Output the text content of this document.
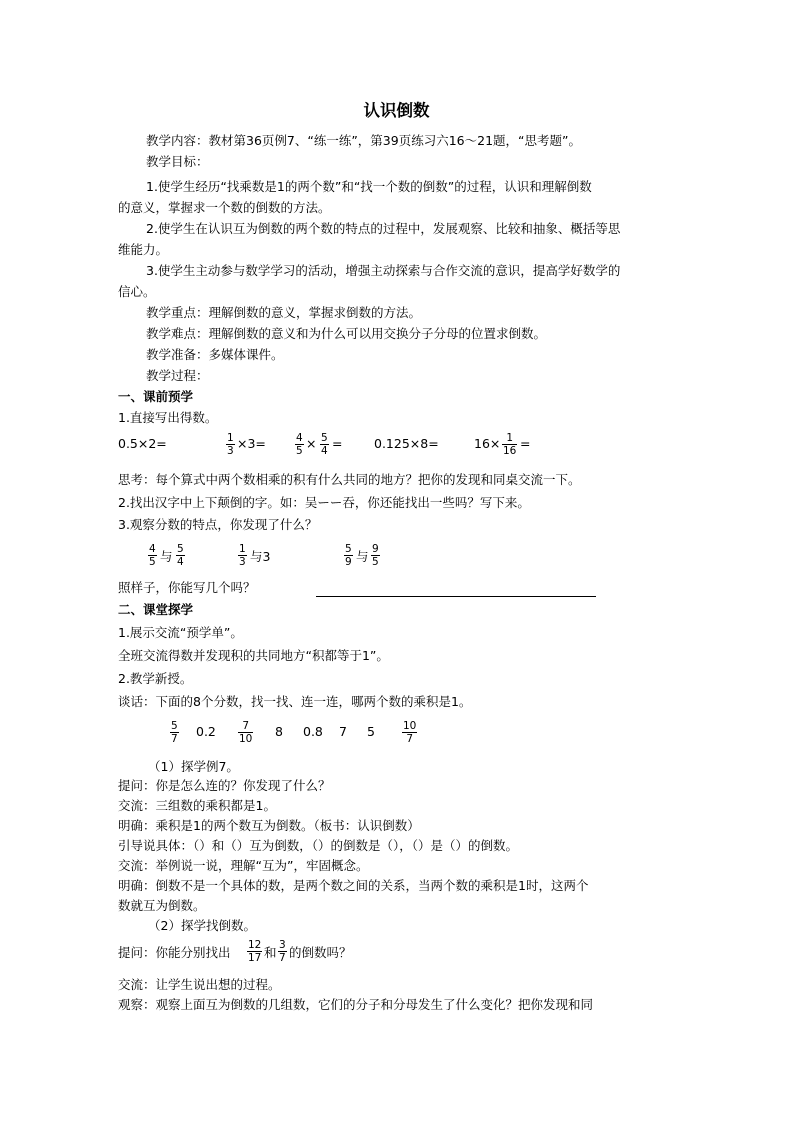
认识倒数
教学内容：教材第36页例7、“练一练”，第39页练习六16～21题，“思考题”。
教学目标：
1.使学生经历“找乘数是1的两个数”和“找一个数的倒数”的过程，认识和理解倒数
的意义，掌握求一个数的倒数的方法。
2.使学生在认识互为倒数的两个数的特点的过程中，发展观察、比较和抽象、概括等思
维能力。
3.使学生主动参与数学学习的活动，增强主动探索与合作交流的意识，提高学好数学的
信心。
教学重点：理解倒数的意义，掌握求倒数的方法。
教学难点：理解倒数的意义和为什么可以用交换分子分母的位置求倒数。
教学准备：多媒体课件。
教学过程：
一、课前预学
1.直接写出得数。
0.5×2=	1
3 ×3=	4
5 × 5
4 =	0.125×8=	16× 1
16 =
思考：每个算式中两个数相乘的积有什么共同的地方？把你的发现和同桌交流一下。
2.找出汉字中上下颠倒的字。如：吴ーー吞，你还能找出一些吗？写下来。
3.观察分数的特点，你发现了什么？
4
5 与 5
4
1
3 与3	5
9 与 9
5
照样子，你能写几个吗？
二、课堂探学
1.展示交流“预学单”。
全班交流得数并发现积的共同地方“积都等于1”。
2.教学新授。
谈话：下面的8个分数，找一找、连一连，哪两个数的乘积是1。
5
7 0.2	7
10 8 0.8 7 5	10
7
（1）探学例7。
提问：你是怎么连的？你发现了什么？
交流：三组数的乘积都是1。
明确：乘积是1的两个数互为倒数。（板书：认识倒数）
引导说具体：（）和（）互为倒数，（）的倒数是（），（）是（）的倒数。
交流：举例说一说，理解“互为”，牢固概念。
明确：倒数不是一个具体的数，是两个数之间的关系，当两个数的乘积是1时，这两个
数就互为倒数。
（2）探学找倒数。
提问：你能分别找出 12
17 和 3
7 的倒数吗？
交流：让学生说出想的过程。
观察：观察上面互为倒数的几组数，它们的分子和分母发生了什么变化？把你发现和同
